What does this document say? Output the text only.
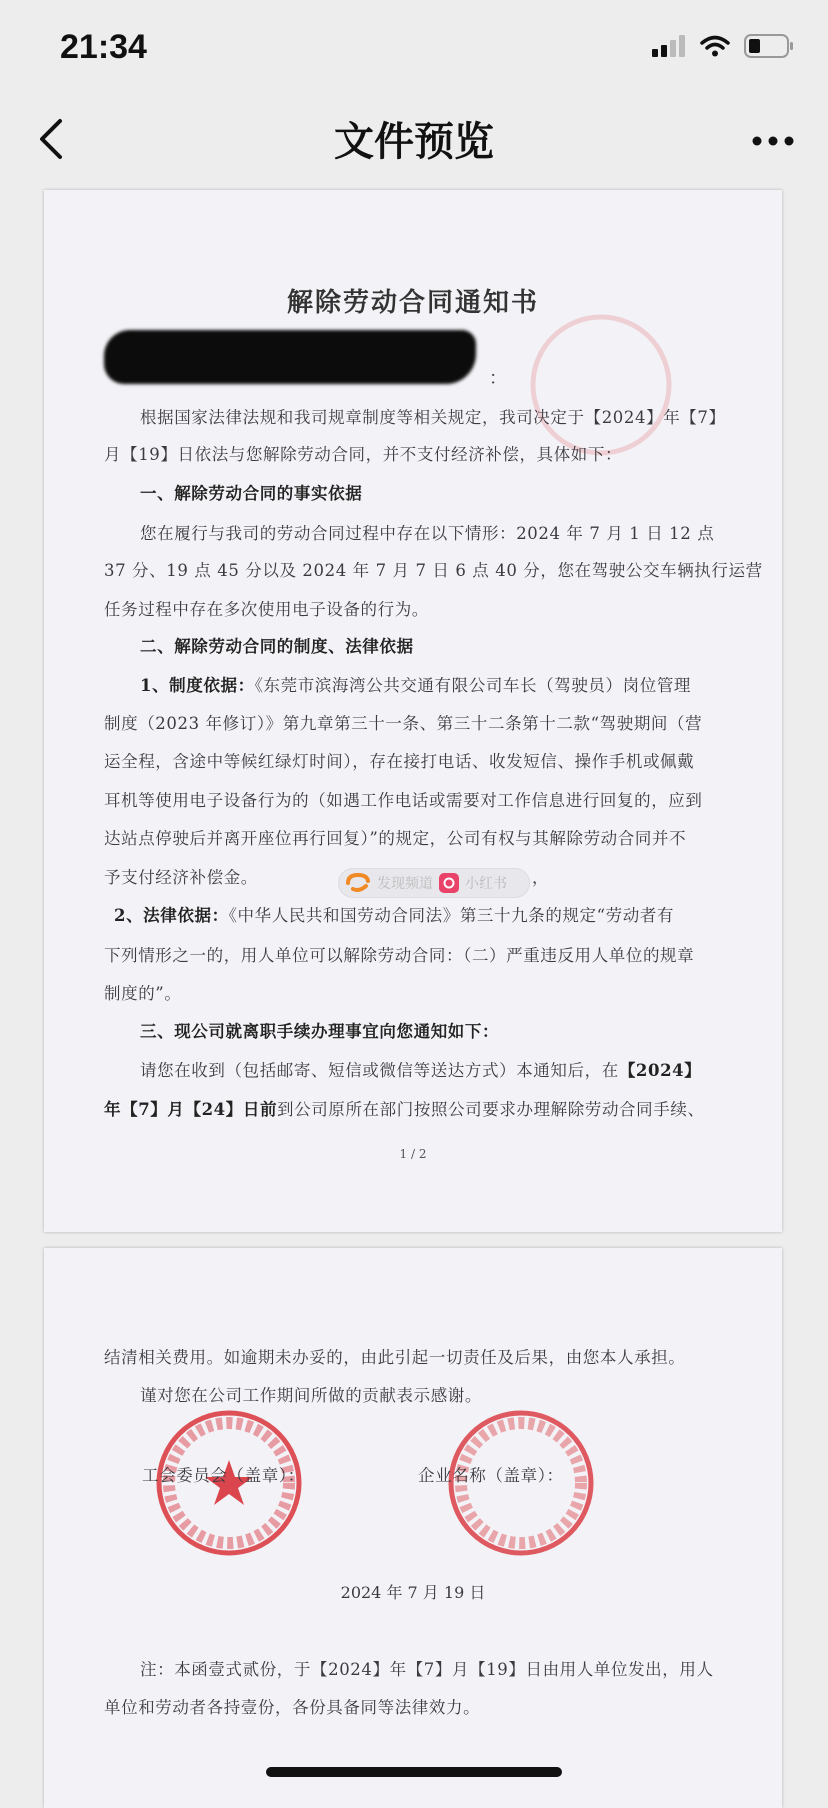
21:34
文件预览
解除劳动合同通知书
：
根据国家法律法规和我司规章制度等相关规定，我司决定于【2024】年【7】
月【19】日依法与您解除劳动合同，并不支付经济补偿，具体如下：
一、解除劳动合同的事实依据
您在履行与我司的劳动合同过程中存在以下情形：2024 年 7 月 1 日 12 点
37 分、19 点 45 分以及 2024 年 7 月 7 日 6 点 40 分，您在驾驶公交车辆执行运营
任务过程中存在多次使用电子设备的行为。
二、解除劳动合同的制度、法律依据
1、制度依据：《东莞市滨海湾公共交通有限公司车长（驾驶员）岗位管理
制度（2023 年修订）》第九章第三十一条、第三十二条第十二款“驾驶期间（营
运全程，含途中等候红绿灯时间），存在接打电话、收发短信、操作手机或佩戴
耳机等使用电子设备行为的（如遇工作电话或需要对工作信息进行回复的，应到
达站点停驶后并离开座位再行回复）”的规定，公司有权与其解除劳动合同并不
予支付经济补偿金。	，
发现频道 小红书
2、法律依据：《中华人民共和国劳动合同法》第三十九条的规定“劳动者有
下列情形之一的，用人单位可以解除劳动合同：（二）严重违反用人单位的规章
制度的”。
三、现公司就离职手续办理事宜向您通知如下：
请您在收到（包括邮寄、短信或微信等送达方式）本通知后，在【2024】
年【7】月【24】日前到公司原所在部门按照公司要求办理解除劳动合同手续、
1 / 2
结清相关费用。如逾期未办妥的，由此引起一切责任及后果，由您本人承担。
谨对您在公司工作期间所做的贡献表示感谢。
工会委员会（盖章）：	企业名称（盖章）：
2024 年 7 月 19 日
注：本函壹式贰份，于【2024】年【7】月【19】日由用人单位发出，用人
单位和劳动者各持壹份，各份具备同等法律效力。
